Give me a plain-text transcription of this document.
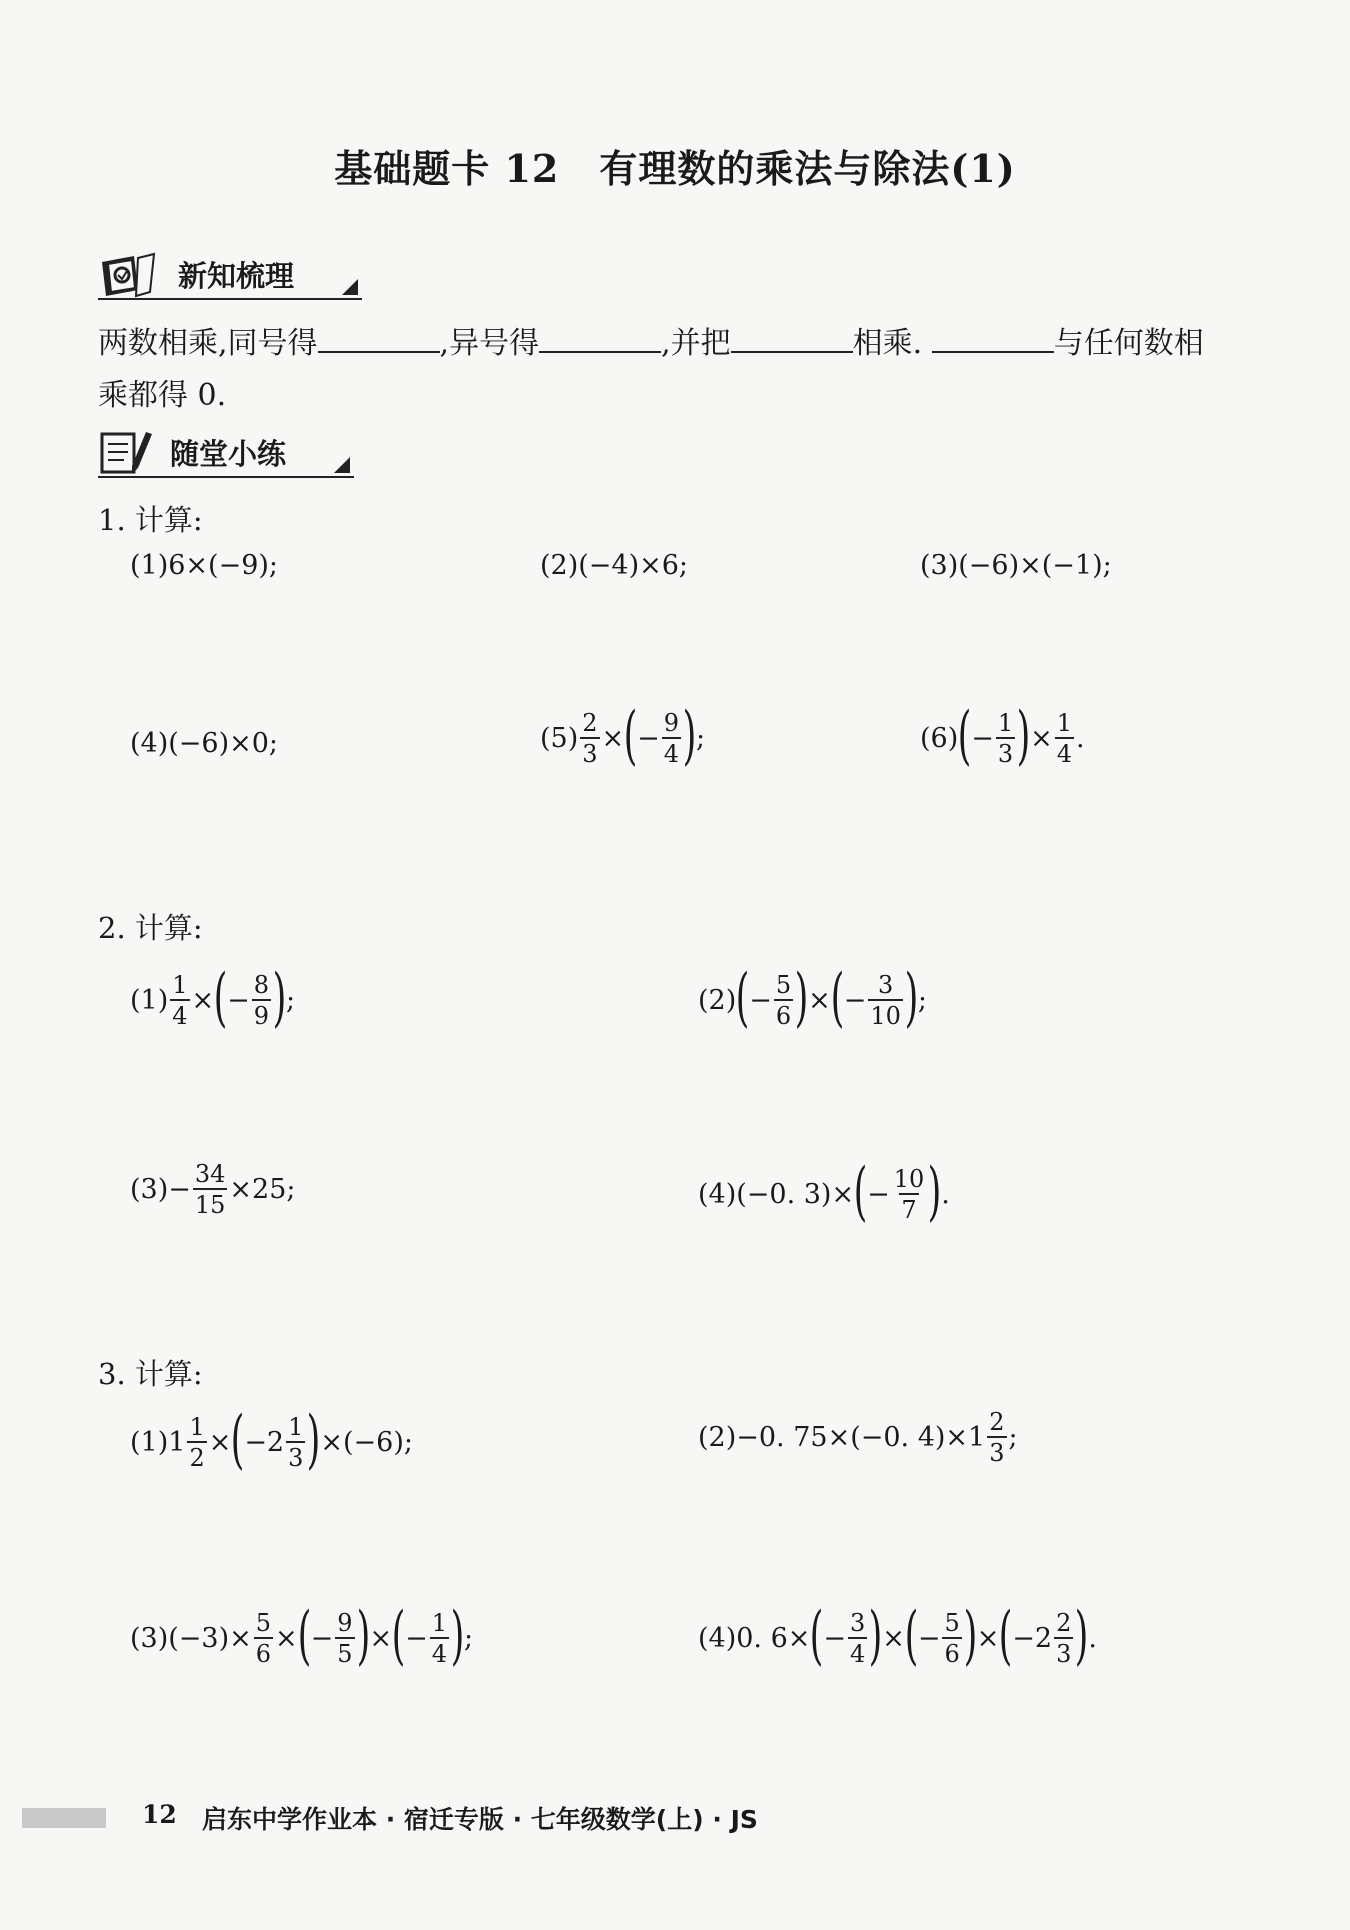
基础题卡 12 有理数的乘法与除法(1)
新知梳理
两数相乘,同号得	,异号得	,并把	相乘.	与任何数相
乘都得 0.
随堂小练
1. 计算:
(1)6×(−9);	(2)(−4)×6;	(3)(−6)×(−1);
(4)(−6)×0;	$(5) \frac{2}{3}$ × ( − $\frac{9}{4}$ ) ;	(6) ( − $\frac{1}{3}$ ) × $\frac{1}{4}$ .
2. 计算:
$(1) \frac{1}{4}$ × ( − $\frac{8}{9}$ ) ;	(2) ( − $\frac{5}{6}$ ) × ( − $\frac{3}{10}$ ) ;
$(3)- \frac{34}{15} \times 25$;	(4)(−0. 3)× ( − $\frac{10}{7}$ ) .
3. 计算:
$(1)1 \frac{1}{2}$ × ( $-2 \frac{1}{3}$ ) ×(−6);	(2)−0. 75×(−0. $4)\times 1 \frac{2}{3}$ ;
$(3)(-3)\times \frac{5}{6}$ × ( − $\frac{9}{5}$ ) × ( − $\frac{1}{4}$ ) ;	(4)0. 6× ( − $\frac{3}{4}$ ) × ( − $\frac{5}{6}$ ) × ( $-2 \frac{2}{3}$ ) .
12 启东中学作业本 · 宿迁专版 · 七年级数学(上) · JS
